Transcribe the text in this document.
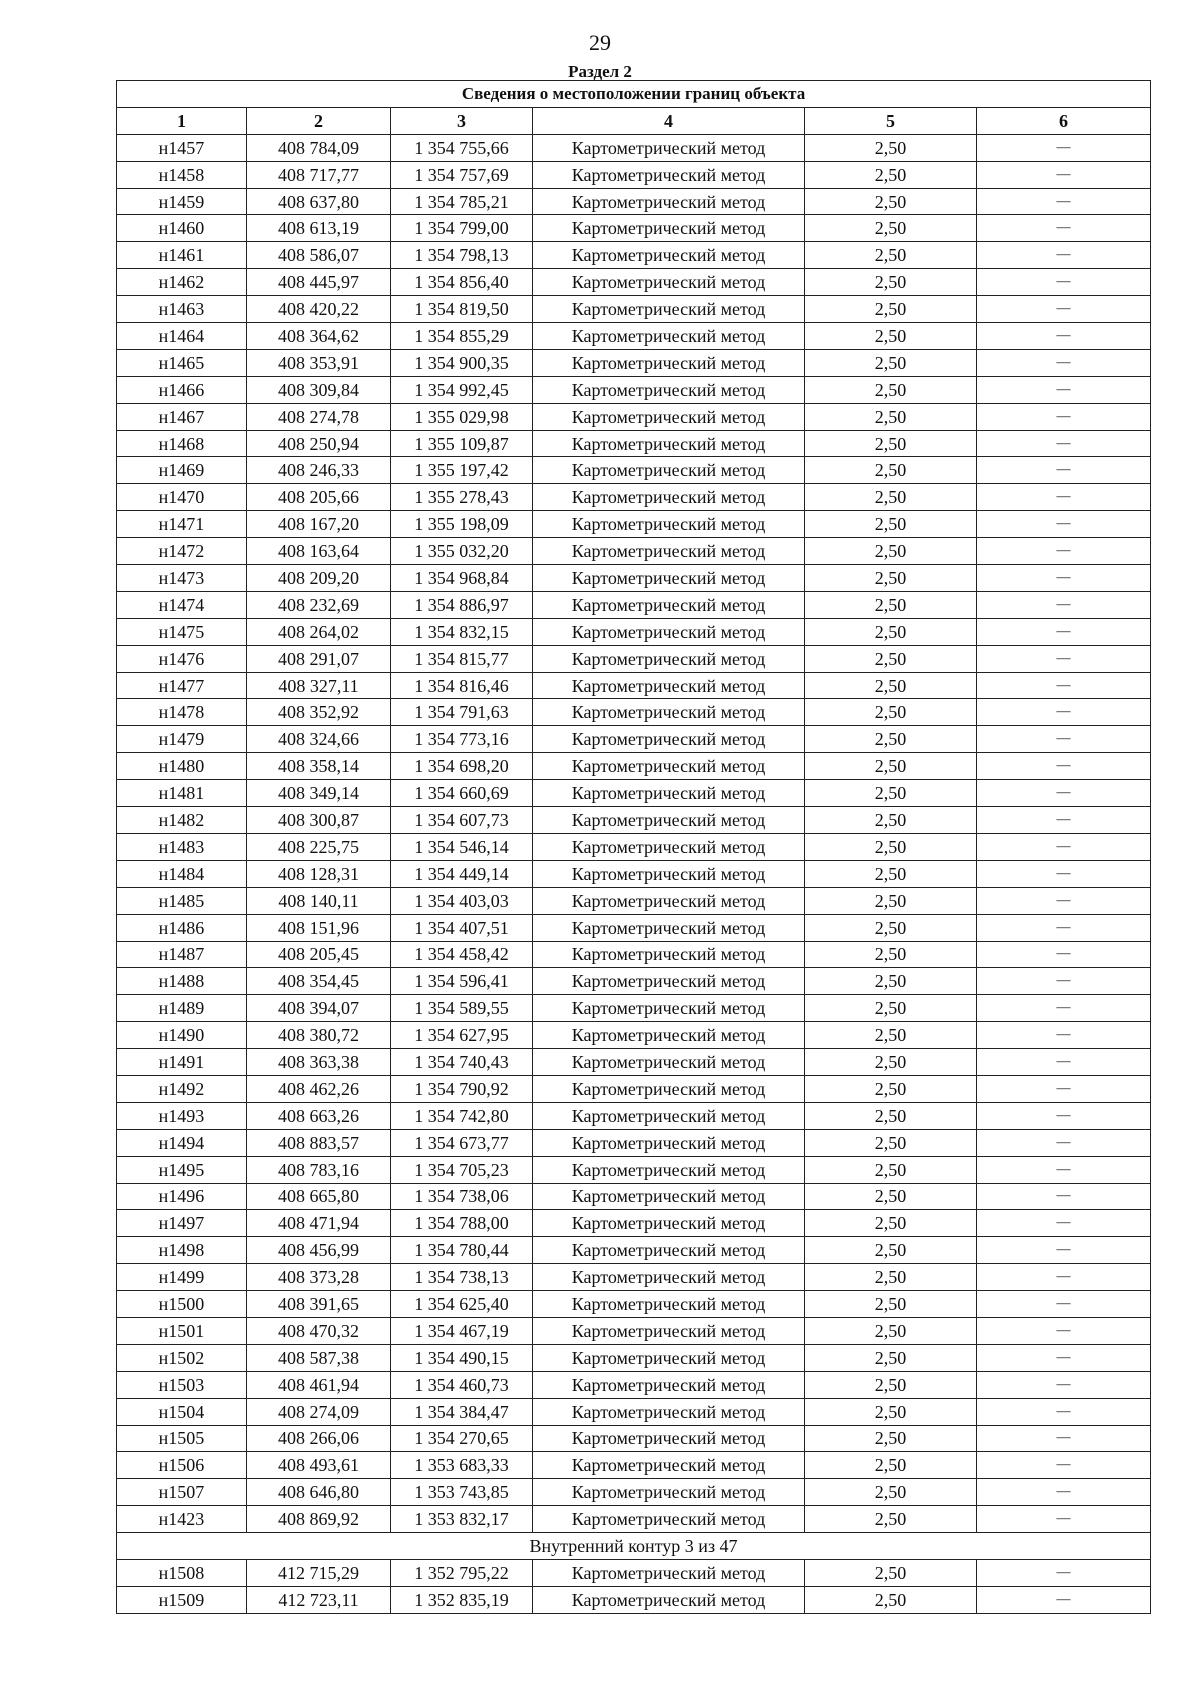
29
Раздел 2
Сведения о местоположении границ объекта					
1	2	3	4	5	6
н1457	408 784,09	1 354 755,66	Картометрический метод	2,50	—
н1458	408 717,77	1 354 757,69	Картометрический метод	2,50	—
н1459	408 637,80	1 354 785,21	Картометрический метод	2,50	—
н1460	408 613,19	1 354 799,00	Картометрический метод	2,50	—
н1461	408 586,07	1 354 798,13	Картометрический метод	2,50	—
н1462	408 445,97	1 354 856,40	Картометрический метод	2,50	—
н1463	408 420,22	1 354 819,50	Картометрический метод	2,50	—
н1464	408 364,62	1 354 855,29	Картометрический метод	2,50	—
н1465	408 353,91	1 354 900,35	Картометрический метод	2,50	—
н1466	408 309,84	1 354 992,45	Картометрический метод	2,50	—
н1467	408 274,78	1 355 029,98	Картометрический метод	2,50	—
н1468	408 250,94	1 355 109,87	Картометрический метод	2,50	—
н1469	408 246,33	1 355 197,42	Картометрический метод	2,50	—
н1470	408 205,66	1 355 278,43	Картометрический метод	2,50	—
н1471	408 167,20	1 355 198,09	Картометрический метод	2,50	—
н1472	408 163,64	1 355 032,20	Картометрический метод	2,50	—
н1473	408 209,20	1 354 968,84	Картометрический метод	2,50	—
н1474	408 232,69	1 354 886,97	Картометрический метод	2,50	—
н1475	408 264,02	1 354 832,15	Картометрический метод	2,50	—
н1476	408 291,07	1 354 815,77	Картометрический метод	2,50	—
н1477	408 327,11	1 354 816,46	Картометрический метод	2,50	—
н1478	408 352,92	1 354 791,63	Картометрический метод	2,50	—
н1479	408 324,66	1 354 773,16	Картометрический метод	2,50	—
н1480	408 358,14	1 354 698,20	Картометрический метод	2,50	—
н1481	408 349,14	1 354 660,69	Картометрический метод	2,50	—
н1482	408 300,87	1 354 607,73	Картометрический метод	2,50	—
н1483	408 225,75	1 354 546,14	Картометрический метод	2,50	—
н1484	408 128,31	1 354 449,14	Картометрический метод	2,50	—
н1485	408 140,11	1 354 403,03	Картометрический метод	2,50	—
н1486	408 151,96	1 354 407,51	Картометрический метод	2,50	—
н1487	408 205,45	1 354 458,42	Картометрический метод	2,50	—
н1488	408 354,45	1 354 596,41	Картометрический метод	2,50	—
н1489	408 394,07	1 354 589,55	Картометрический метод	2,50	—
н1490	408 380,72	1 354 627,95	Картометрический метод	2,50	—
н1491	408 363,38	1 354 740,43	Картометрический метод	2,50	—
н1492	408 462,26	1 354 790,92	Картометрический метод	2,50	—
н1493	408 663,26	1 354 742,80	Картометрический метод	2,50	—
н1494	408 883,57	1 354 673,77	Картометрический метод	2,50	—
н1495	408 783,16	1 354 705,23	Картометрический метод	2,50	—
н1496	408 665,80	1 354 738,06	Картометрический метод	2,50	—
н1497	408 471,94	1 354 788,00	Картометрический метод	2,50	—
н1498	408 456,99	1 354 780,44	Картометрический метод	2,50	—
н1499	408 373,28	1 354 738,13	Картометрический метод	2,50	—
н1500	408 391,65	1 354 625,40	Картометрический метод	2,50	—
н1501	408 470,32	1 354 467,19	Картометрический метод	2,50	—
н1502	408 587,38	1 354 490,15	Картометрический метод	2,50	—
н1503	408 461,94	1 354 460,73	Картометрический метод	2,50	—
н1504	408 274,09	1 354 384,47	Картометрический метод	2,50	—
н1505	408 266,06	1 354 270,65	Картометрический метод	2,50	—
н1506	408 493,61	1 353 683,33	Картометрический метод	2,50	—
н1507	408 646,80	1 353 743,85	Картометрический метод	2,50	—
н1423	408 869,92	1 353 832,17	Картометрический метод	2,50	—
Внутренний контур 3 из 47					
н1508	412 715,29	1 352 795,22	Картометрический метод	2,50	—
н1509	412 723,11	1 352 835,19	Картометрический метод	2,50	—
